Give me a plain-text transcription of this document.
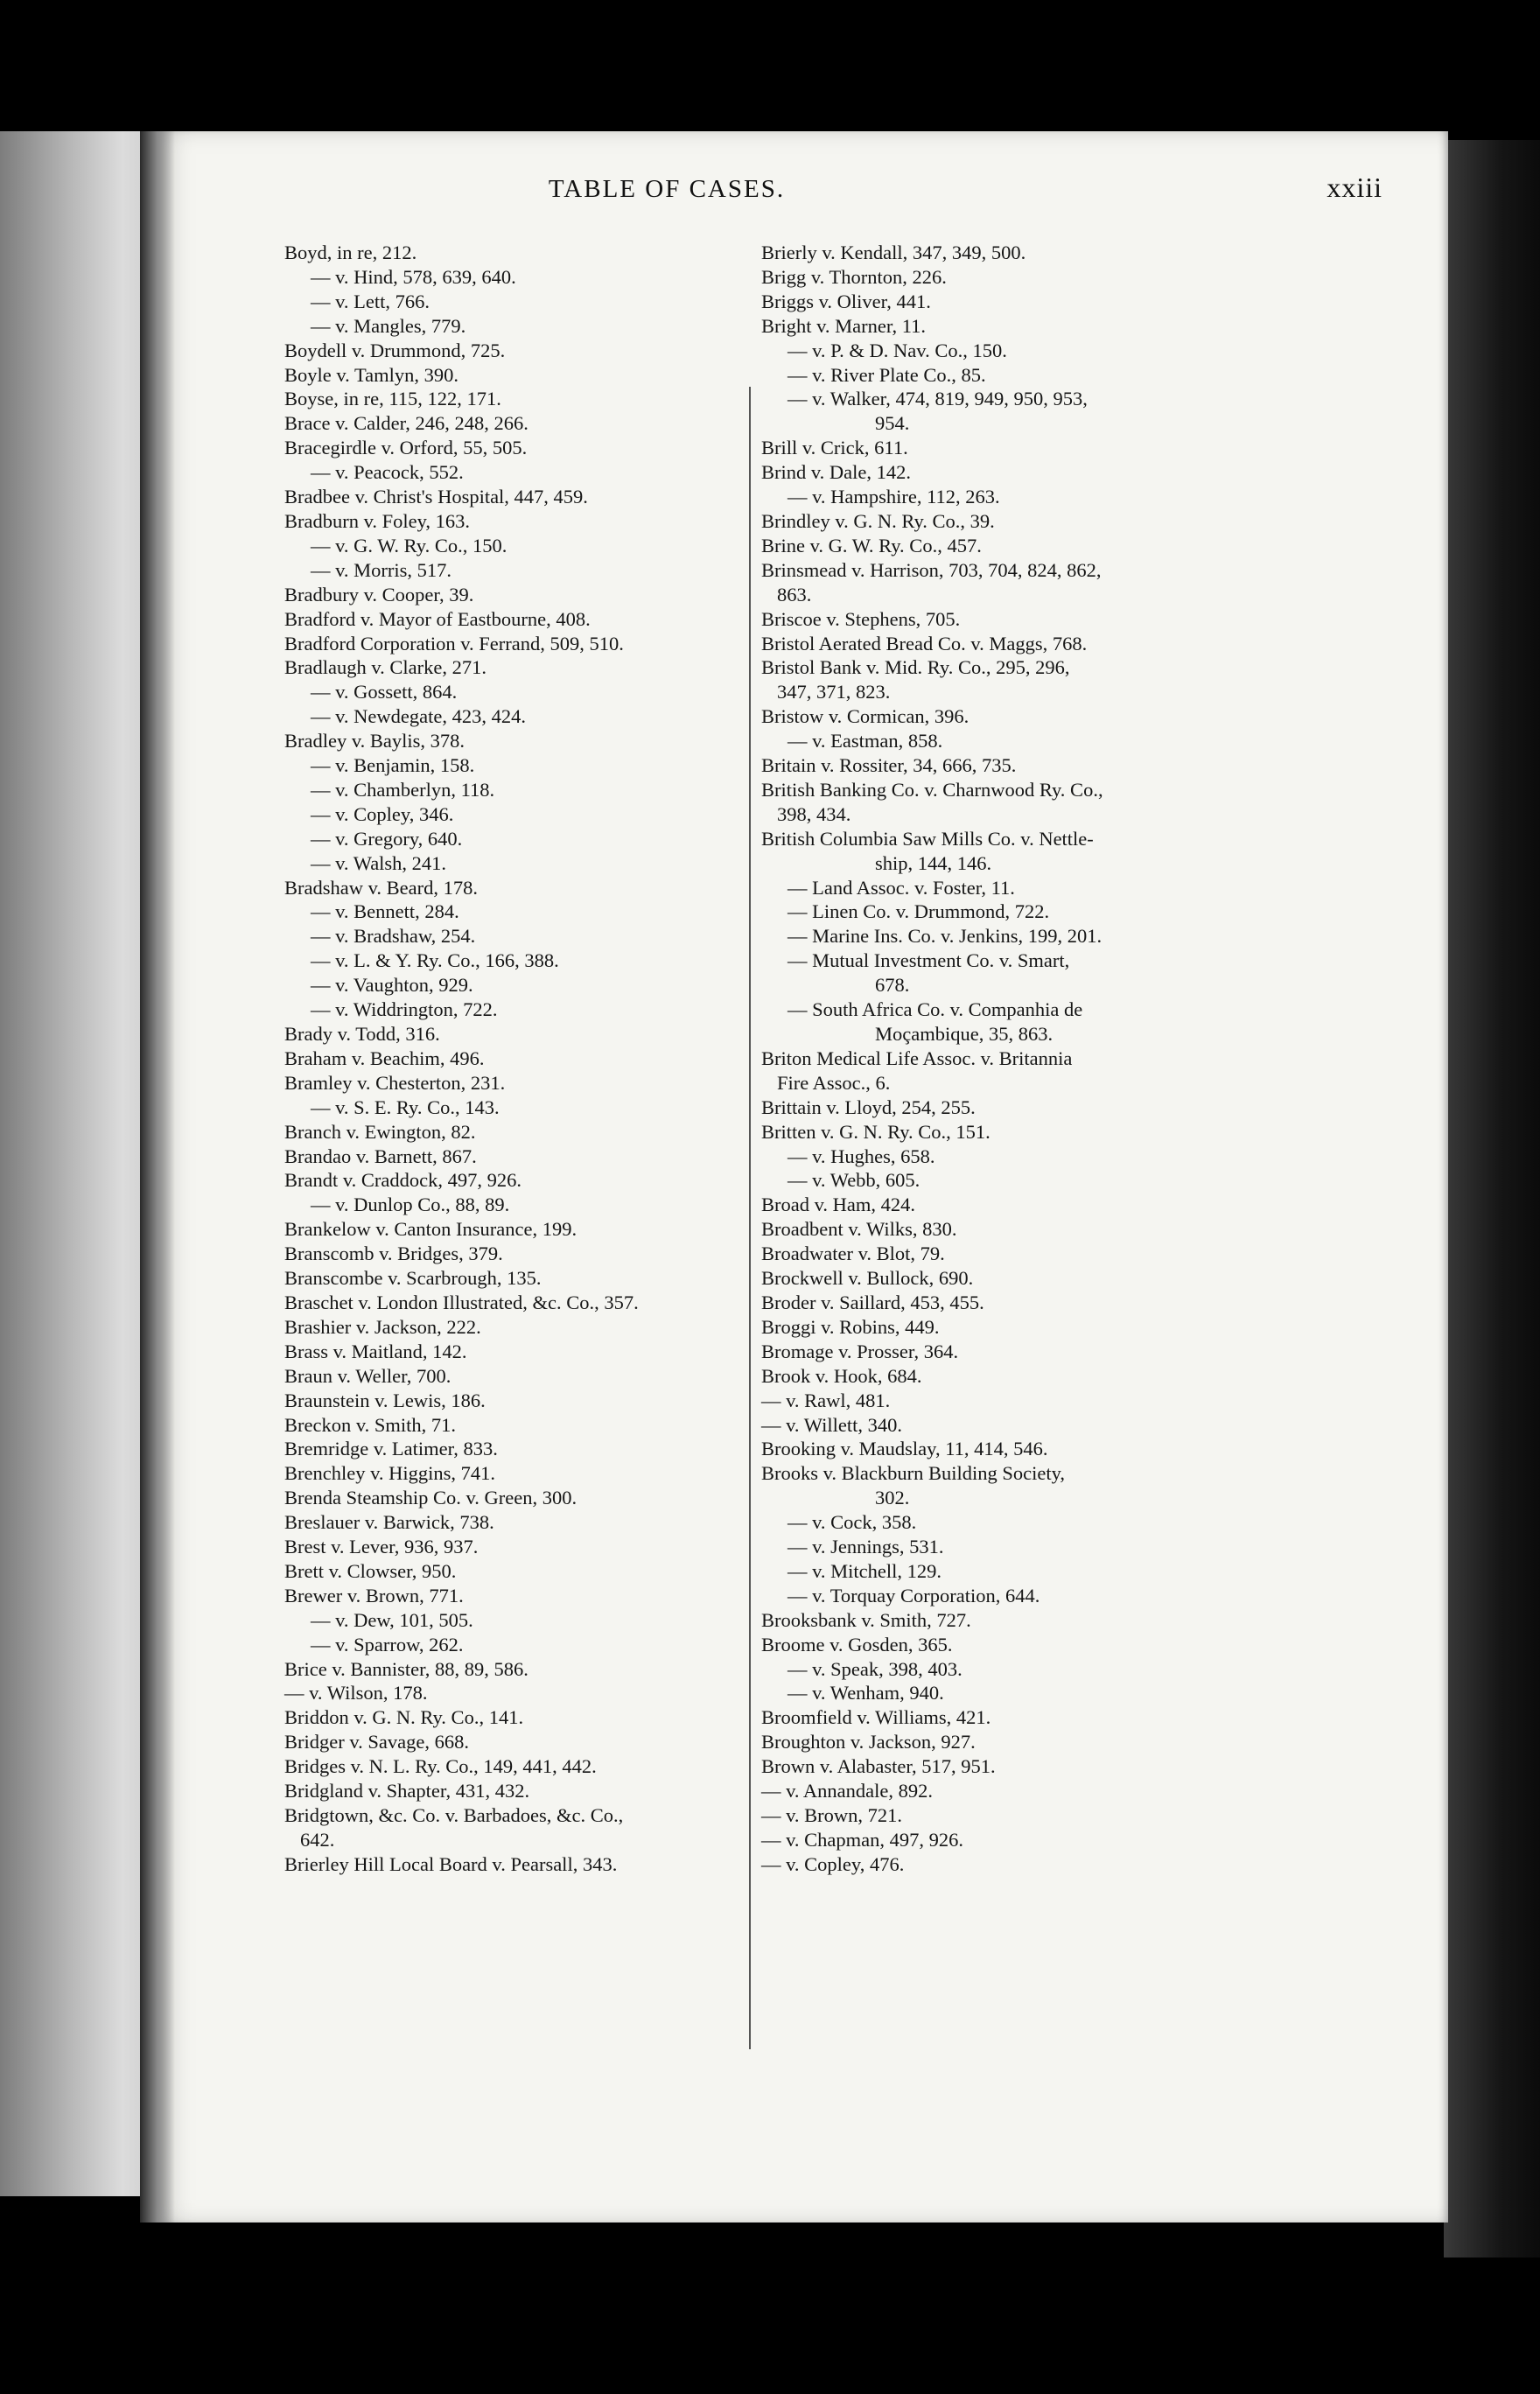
TABLE OF CASES.	xxiii
Boyd, in re, 212.
— v. Hind, 578, 639, 640.
— v. Lett, 766.
— v. Mangles, 779.
Boydell v. Drummond, 725.
Boyle v. Tamlyn, 390.
Boyse, in re, 115, 122, 171.
Brace v. Calder, 246, 248, 266.
Bracegirdle v. Orford, 55, 505.
— v. Peacock, 552.
Bradbee v. Christ's Hospital, 447, 459.
Bradburn v. Foley, 163.
— v. G. W. Ry. Co., 150.
— v. Morris, 517.
Bradbury v. Cooper, 39.
Bradford v. Mayor of Eastbourne, 408.
Bradford Corporation v. Ferrand, 509, 510.
Bradlaugh v. Clarke, 271.
— v. Gossett, 864.
— v. Newdegate, 423, 424.
Bradley v. Baylis, 378.
— v. Benjamin, 158.
— v. Chamberlyn, 118.
— v. Copley, 346.
— v. Gregory, 640.
— v. Walsh, 241.
Bradshaw v. Beard, 178.
— v. Bennett, 284.
— v. Bradshaw, 254.
— v. L. & Y. Ry. Co., 166, 388.
— v. Vaughton, 929.
— v. Widdrington, 722.
Brady v. Todd, 316.
Braham v. Beachim, 496.
Bramley v. Chesterton, 231.
— v. S. E. Ry. Co., 143.
Branch v. Ewington, 82.
Brandao v. Barnett, 867.
Brandt v. Craddock, 497, 926.
— v. Dunlop Co., 88, 89.
Brankelow v. Canton Insurance, 199.
Branscomb v. Bridges, 379.
Branscombe v. Scarbrough, 135.
Braschet v. London Illustrated, &c. Co., 357.
Brashier v. Jackson, 222.
Brass v. Maitland, 142.
Braun v. Weller, 700.
Braunstein v. Lewis, 186.
Breckon v. Smith, 71.
Bremridge v. Latimer, 833.
Brenchley v. Higgins, 741.
Brenda Steamship Co. v. Green, 300.
Breslauer v. Barwick, 738.
Brest v. Lever, 936, 937.
Brett v. Clowser, 950.
Brewer v. Brown, 771.
— v. Dew, 101, 505.
— v. Sparrow, 262.
Brice v. Bannister, 88, 89, 586.
— v. Wilson, 178.
Briddon v. G. N. Ry. Co., 141.
Bridger v. Savage, 668.
Bridges v. N. L. Ry. Co., 149, 441, 442.
Bridgland v. Shapter, 431, 432.
Bridgtown, &c. Co. v. Barbadoes, &c. Co.,
642.
Brierley Hill Local Board v. Pearsall, 343.
Brierly v. Kendall, 347, 349, 500.
Brigg v. Thornton, 226.
Briggs v. Oliver, 441.
Bright v. Marner, 11.
— v. P. & D. Nav. Co., 150.
— v. River Plate Co., 85.
— v. Walker, 474, 819, 949, 950, 953,
954.
Brill v. Crick, 611.
Brind v. Dale, 142.
— v. Hampshire, 112, 263.
Brindley v. G. N. Ry. Co., 39.
Brine v. G. W. Ry. Co., 457.
Brinsmead v. Harrison, 703, 704, 824, 862,
863.
Briscoe v. Stephens, 705.
Bristol Aerated Bread Co. v. Maggs, 768.
Bristol Bank v. Mid. Ry. Co., 295, 296,
347, 371, 823.
Bristow v. Cormican, 396.
— v. Eastman, 858.
Britain v. Rossiter, 34, 666, 735.
British Banking Co. v. Charnwood Ry. Co.,
398, 434.
British Columbia Saw Mills Co. v. Nettle-
ship, 144, 146.
— Land Assoc. v. Foster, 11.
— Linen Co. v. Drummond, 722.
— Marine Ins. Co. v. Jenkins, 199, 201.
— Mutual Investment Co. v. Smart,
678.
— South Africa Co. v. Companhia de
Moçambique, 35, 863.
Briton Medical Life Assoc. v. Britannia
Fire Assoc., 6.
Brittain v. Lloyd, 254, 255.
Britten v. G. N. Ry. Co., 151.
— v. Hughes, 658.
— v. Webb, 605.
Broad v. Ham, 424.
Broadbent v. Wilks, 830.
Broadwater v. Blot, 79.
Brockwell v. Bullock, 690.
Broder v. Saillard, 453, 455.
Broggi v. Robins, 449.
Bromage v. Prosser, 364.
Brook v. Hook, 684.
— v. Rawl, 481.
— v. Willett, 340.
Brooking v. Maudslay, 11, 414, 546.
Brooks v. Blackburn Building Society,
302.
— v. Cock, 358.
— v. Jennings, 531.
— v. Mitchell, 129.
— v. Torquay Corporation, 644.
Brooksbank v. Smith, 727.
Broome v. Gosden, 365.
— v. Speak, 398, 403.
— v. Wenham, 940.
Broomfield v. Williams, 421.
Broughton v. Jackson, 927.
Brown v. Alabaster, 517, 951.
— v. Annandale, 892.
— v. Brown, 721.
— v. Chapman, 497, 926.
— v. Copley, 476.
